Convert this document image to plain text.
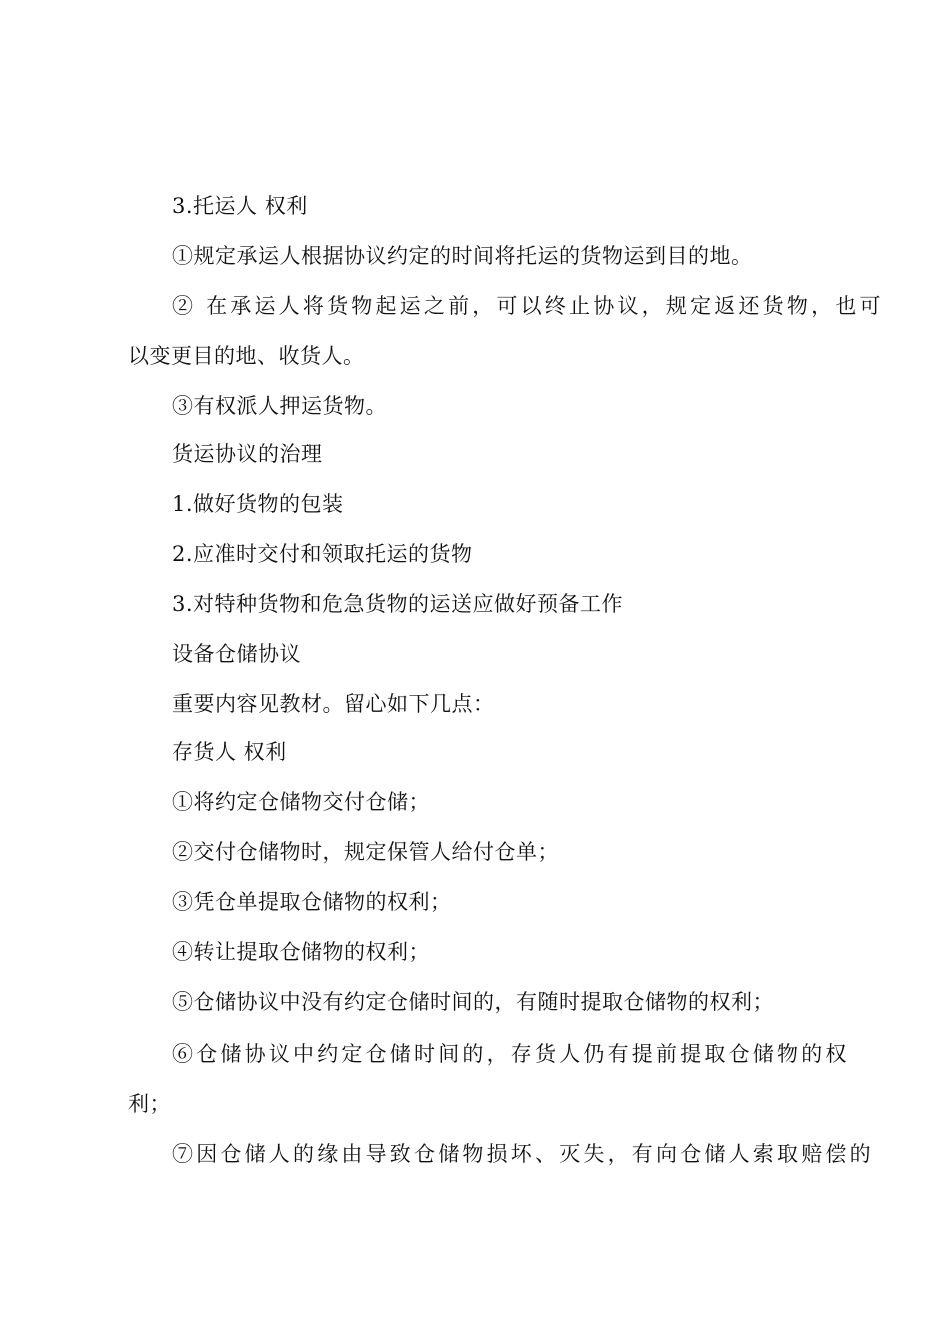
3.托运人 权利
①规定承运人根据协议约定的时间将托运的货物运到目的地。
② 在承运人将货物起运之前，可以终止协议，规定返还货物，也可
以变更目的地、收货人。
③有权派人押运货物。
货运协议的治理
1.做好货物的包装
2.应准时交付和领取托运的货物
3.对特种货物和危急货物的运送应做好预备工作
设备仓储协议
重要内容见教材。留心如下几点：
存货人 权利
①将约定仓储物交付仓储；
②交付仓储物时，规定保管人给付仓单；
③凭仓单提取仓储物的权利；
④转让提取仓储物的权利；
⑤仓储协议中没有约定仓储时间的，有随时提取仓储物的权利；
⑥仓储协议中约定仓储时间的，存货人仍有提前提取仓储物的权
利；
⑦因仓储人的缘由导致仓储物损坏、灭失，有向仓储人索取赔偿的
